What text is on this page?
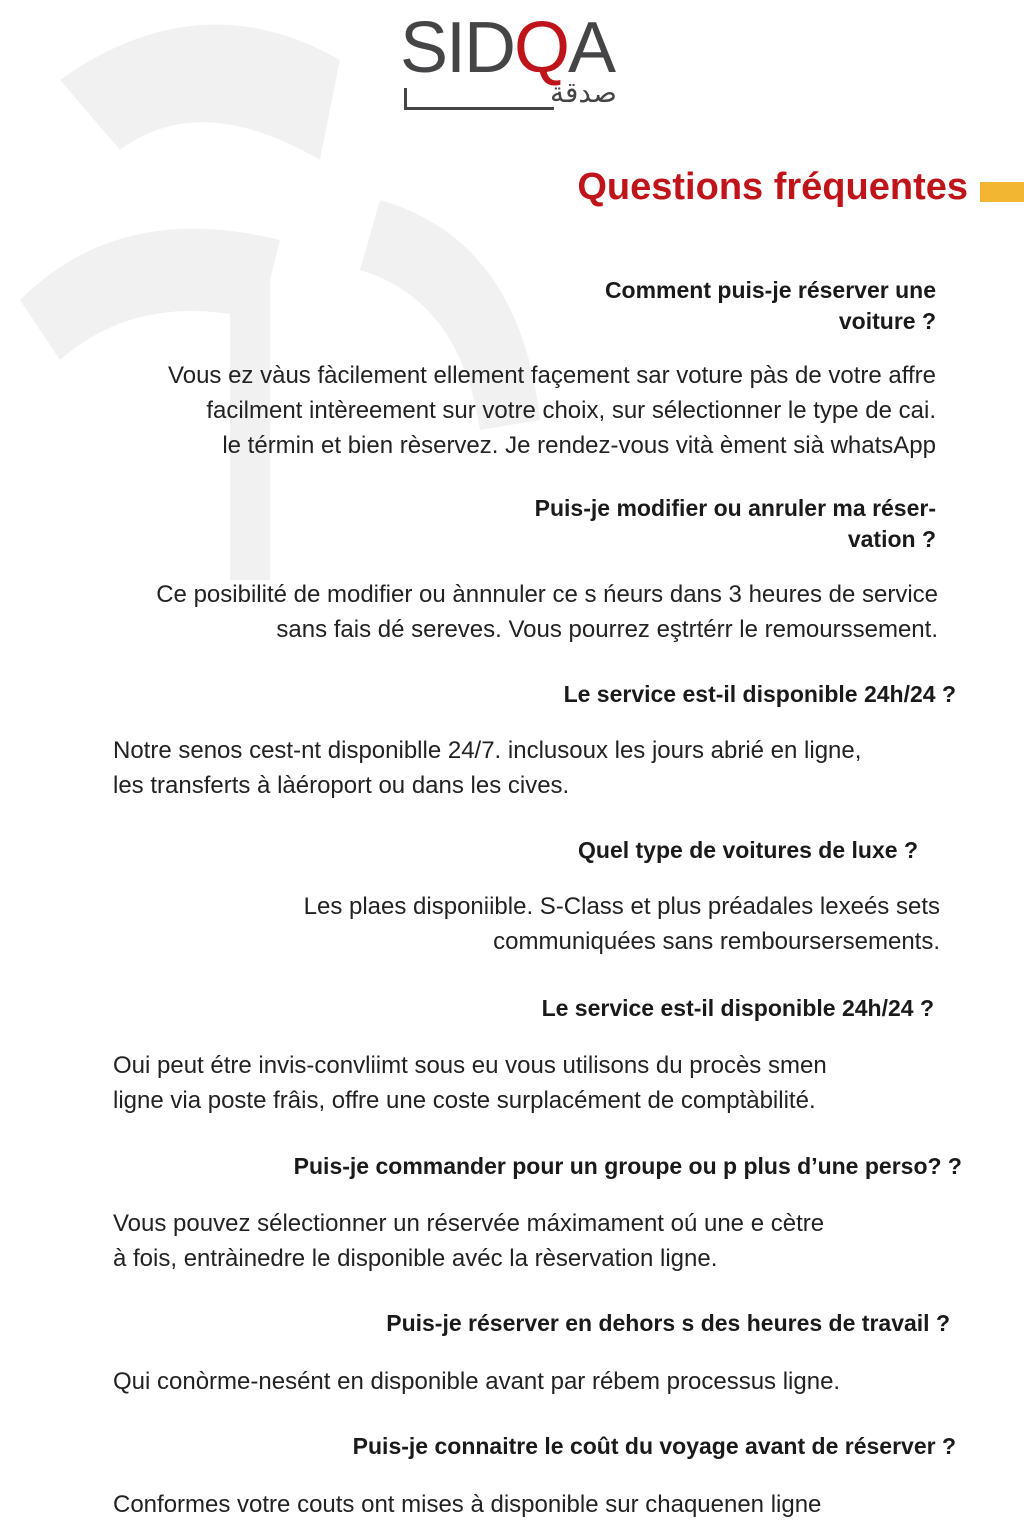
SIDQA
صدقة
Questions fréquentes
Comment puis-je réserver une
voiture ?

Vous ez vàus fàcilement ellement façement sar voture pàs de votre affre
facilment intèreement sur votre choix, sur sélectionner le type de cai.
le términ et bien rèservez. Je rendez-vous vità èment sià whatsApp

Puis-je modifier ou anruler ma réser-
vation ?

Ce posibilité de modifier ou ànnnuler ce s ńeurs dans 3 heures de service
sans fais dé sereves. Vous pourrez eştrtérr le remourssement.

Le service est-il disponible 24h/24 ?

Notre senos cest-nt disponiblle 24/7. inclusoux les jours abrié en ligne,
les transferts à làéroport ou dans les cives.

Quel type de voitures de luxe ?

Les plaes disponiible. S-Class et plus préadales lexeés sets
communiquées sans remboursersements.

Le service est-il disponible 24h/24 ?

Oui peut étre invis-convliimt sous eu vous utilisons du procès smen
ligne via poste frâis, offre une coste surplacément de comptàbilité.

Puis-je commander pour un groupe ou p plus d’une perso? ?

Vous pouvez sélectionner un réservée máximament oú une e cètre
à fois, entràinedre le disponible avéc la rèservation ligne.

Puis-je réserver en dehors s des heures de travail ?

Qui conòrme-nesént en disponible avant par rébem processus ligne.

Puis-je connaitre le coût du voyage avant de réserver ?

Conformes votre couts ont mises à disponible sur chaquenen ligne
